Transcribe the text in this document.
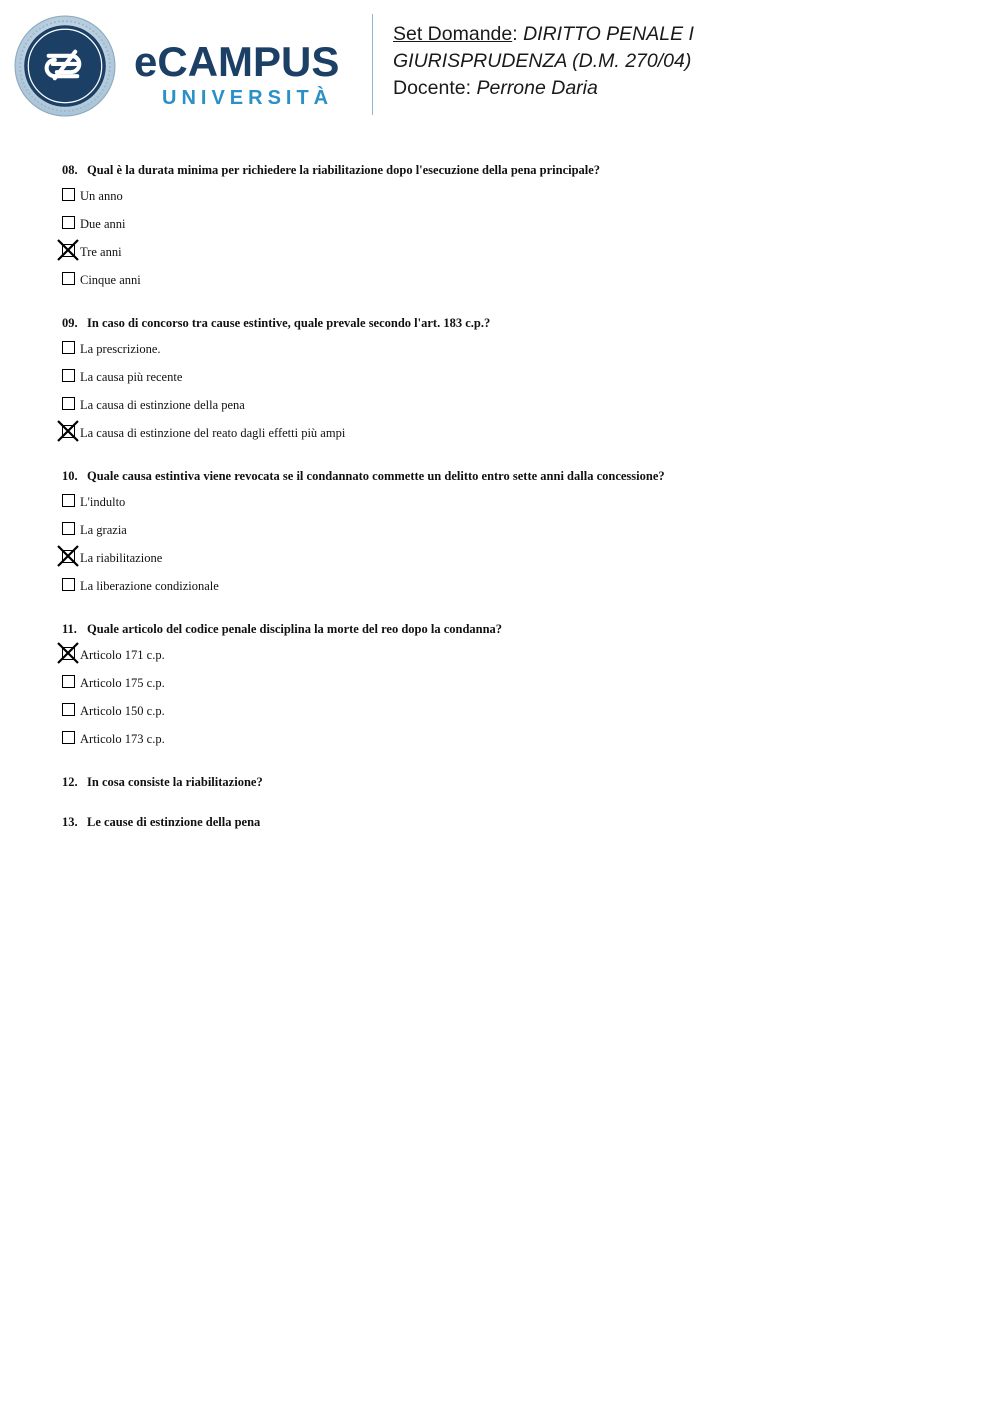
eCAMPUS
UNIVERSITÀ
Set Domande: DIRITTO PENALE I
GIURISPRUDENZA (D.M. 270/04)
Docente: Perrone Daria
08. Qual è la durata minima per richiedere la riabilitazione dopo l'esecuzione della pena principale?
Un anno
Due anni
Tre anni
Cinque anni
09. In caso di concorso tra cause estintive, quale prevale secondo l'art. 183 c.p.?
La prescrizione.
La causa più recente
La causa di estinzione della pena
La causa di estinzione del reato dagli effetti più ampi
10. Quale causa estintiva viene revocata se il condannato commette un delitto entro sette anni dalla concessione?
L'indulto
La grazia
La riabilitazione
La liberazione condizionale
11. Quale articolo del codice penale disciplina la morte del reo dopo la condanna?
Articolo 171 c.p.
Articolo 175 c.p.
Articolo 150 c.p.
Articolo 173 c.p.
12. In cosa consiste la riabilitazione?
13. Le cause di estinzione della pena
